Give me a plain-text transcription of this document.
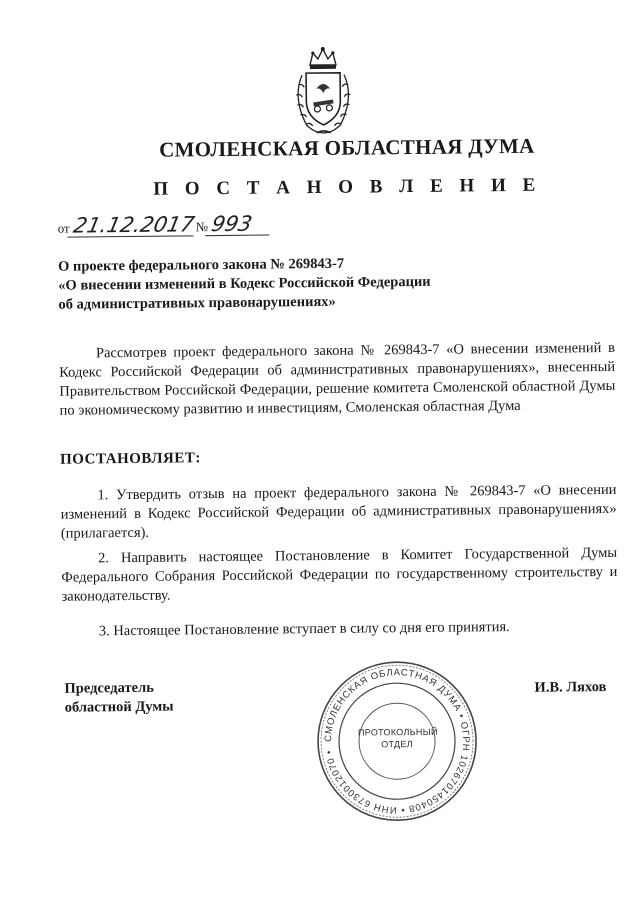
СМОЛЕНСКАЯ ОБЛАСТНАЯ ДУМА
П О С Т А Н О В Л Е Н И Е
от21.12.2017№993
О проекте федерального закона № 269843-7
«О внесении изменений в Кодекс Российской Федерации
об административных правонарушениях»
Рассмотрев проект федерального закона № 269843-7 «О внесении изменений в Кодекс Российской Федерации об административных правонарушениях», внесенный Правительством Российской Федерации, решение комитета Смоленской областной Думы по экономическому развитию и инвестициям, Смоленская областная Дума
ПОСТАНОВЛЯЕТ:
1. Утвердить отзыв на проект федерального закона № 269843-7 «О внесении изменений в Кодекс Российской Федерации об административных правонарушениях» (прилагается).
2. Направить настоящее Постановление в Комитет Государственной Думы Федерального Собрания Российской Федерации по государственному строительству и законодательству.
3. Настоящее Постановление вступает в силу со дня его принятия.
Председатель
областной Думы
И.В. Ляхов
СМОЛЕНСКАЯ ОБЛАСТНАЯ ДУМА • ОГРН 1026701450408 • ИНН 6730012070 •
ПРОТОКОЛЬНЫЙ
ОТДЕЛ
